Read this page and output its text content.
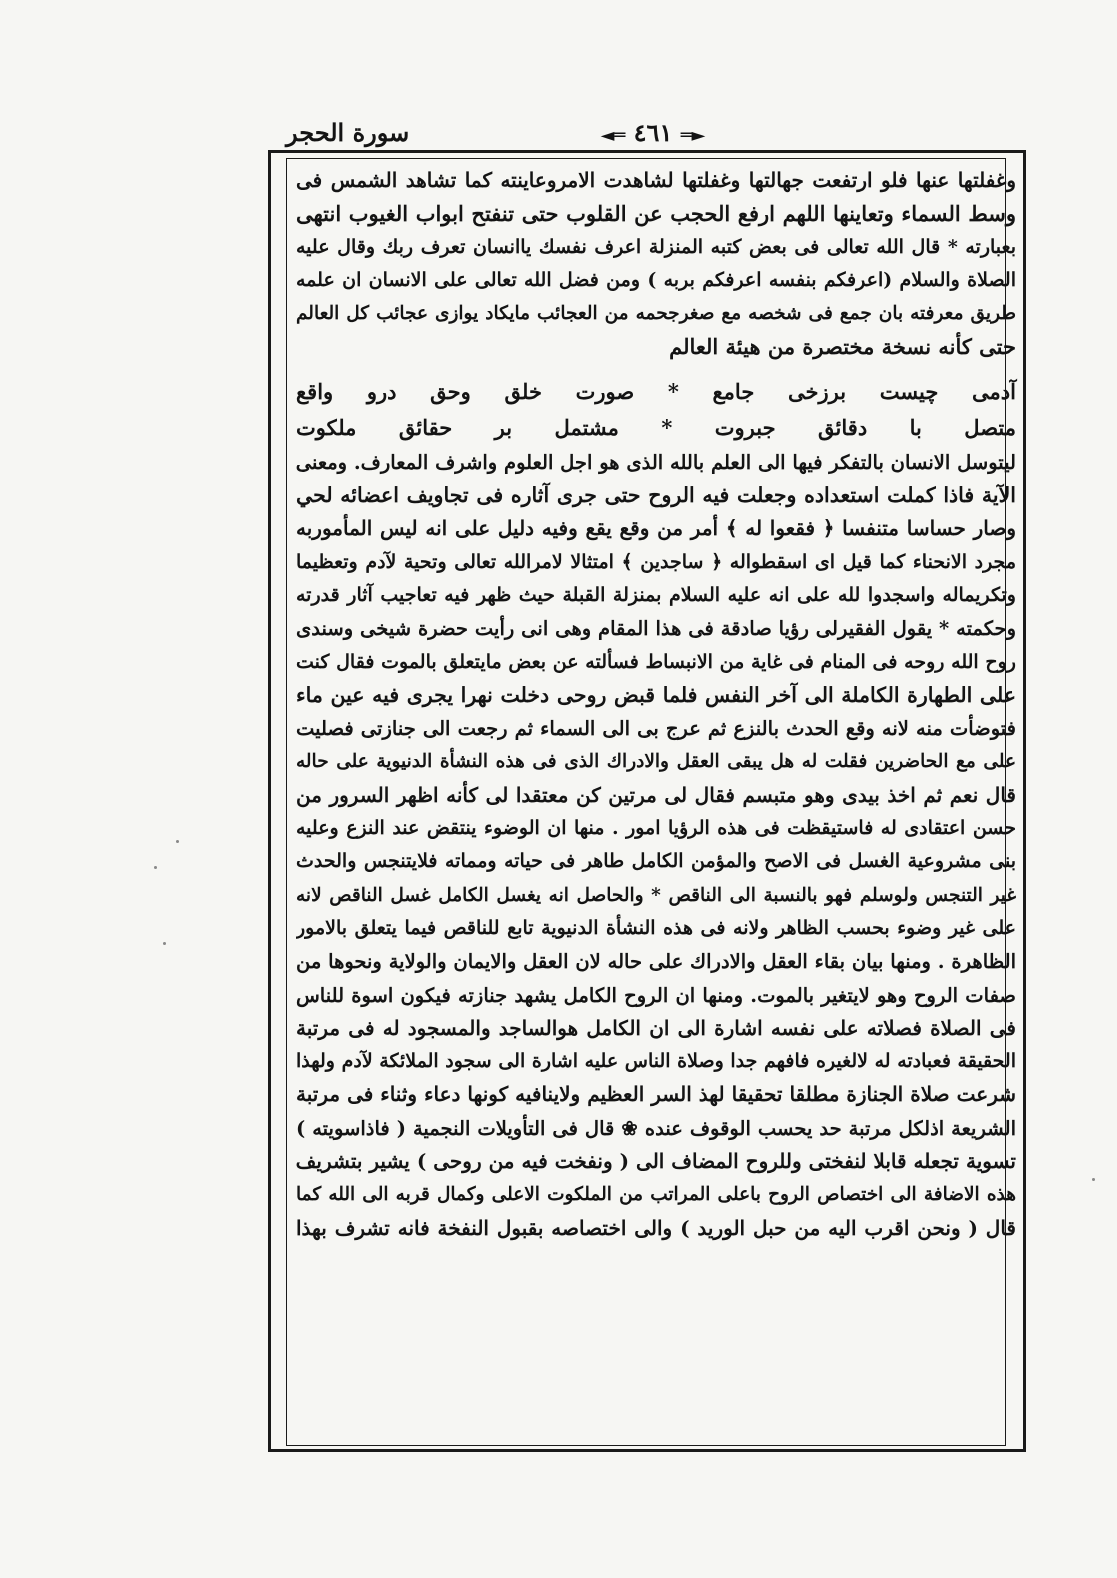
سورة الحجر	◄═ ٤٦١ ═►
وغفلتها عنها فلو ارتفعت جهالتها وغفلتها لشاهدت الامروعاينته كما تشاهد الشمس فى
وسط السماء وتعاينها اللهم ارفع الحجب عن القلوب حتى تنفتح ابواب الغيوب انتهى
بعبارته * قال الله تعالى فى بعض كتبه المنزلة اعرف نفسك ياانسان تعرف ربك وقال عليه
الصلاة والسلام (اعرفكم بنفسه اعرفكم بربه ) ومن فضل الله تعالى على الانسان ان علمه
طريق معرفته بان جمع فى شخصه مع صغرجحمه من العجائب مايكاد يوازى عجائب كل العالم
حتى كأنه نسخة مختصرة من هيئة العالم
آدمى چيست برزخى جامع * صورت خلق وحق درو واقع
متصل با دقائق جبروت * مشتمل بر حقائق ملكوت
ليتوسل الانسان بالتفكر فيها الى العلم بالله الذى هو اجل العلوم واشرف المعارف. ومعنى
الآية فاذا كملت استعداده وجعلت فيه الروح حتى جرى آثاره فى تجاويف اعضائه لحي
وصار حساسا متنفسا ﴿ فقعوا له ﴾ أمر من وقع يقع وفيه دليل على انه ليس المأموربه
مجرد الانحناء كما قيل اى اسقطواله ﴿ ساجدين ﴾ امتثالا لامرالله تعالى وتحية لآدم وتعظيما
وتكريماله واسجدوا لله على انه عليه السلام بمنزلة القبلة حيث ظهر فيه تعاجيب آثار قدرته
وحكمته * يقول الفقيرلى رؤيا صادقة فى هذا المقام وهى انى رأيت حضرة شيخى وسندى
روح الله روحه فى المنام فى غاية من الانبساط فسألته عن بعض مايتعلق بالموت فقال كنت
على الطهارة الكاملة الى آخر النفس فلما قبض روحى دخلت نهرا يجرى فيه عين ماء
فتوضأت منه لانه وقع الحدث بالنزع ثم عرج بى الى السماء ثم رجعت الى جنازتى فصليت
على مع الحاضرين فقلت له هل يبقى العقل والادراك الذى فى هذه النشأة الدنيوية على حاله
قال نعم ثم اخذ بيدى وهو متبسم فقال لى مرتين كن معتقدا لى كأنه اظهر السرور من
حسن اعتقادى له فاستيقظت فى هذه الرؤيا امور . منها ان الوضوء ينتقض عند النزع وعليه
بنى مشروعية الغسل فى الاصح والمؤمن الكامل طاهر فى حياته ومماته فلايتنجس والحدث
غير التنجس ولوسلم فهو بالنسبة الى الناقص * والحاصل انه يغسل الكامل غسل الناقص لانه
على غير وضوء بحسب الظاهر ولانه فى هذه النشأة الدنيوية تابع للناقص فيما يتعلق بالامور
الظاهرة . ومنها بيان بقاء العقل والادراك على حاله لان العقل والايمان والولاية ونحوها من
صفات الروح وهو لايتغير بالموت. ومنها ان الروح الكامل يشهد جنازته فيكون اسوة للناس
فى الصلاة فصلاته على نفسه اشارة الى ان الكامل هوالساجد والمسجود له فى مرتبة
الحقيقة فعبادته له لالغيره فافهم جدا وصلاة الناس عليه اشارة الى سجود الملائكة لآدم ولهذا
شرعت صلاة الجنازة مطلقا تحقيقا لهذ السر العظيم ولاينافيه كونها دعاء وثناء فى مرتبة
الشريعة اذلكل مرتبة حد يحسب الوقوف عنده ❀ قال فى التأويلات النجمية ( فاذاسويته )
تسوية تجعله قابلا لنفختى وللروح المضاف الى ( ونفخت فيه من روحى ) يشير بتشريف
هذه الاضافة الى اختصاص الروح باعلى المراتب من الملكوت الاعلى وكمال قربه الى الله كما
قال ( ونحن اقرب اليه من حبل الوريد ) والى اختصاصه بقبول النفخة فانه تشرف بهذا
